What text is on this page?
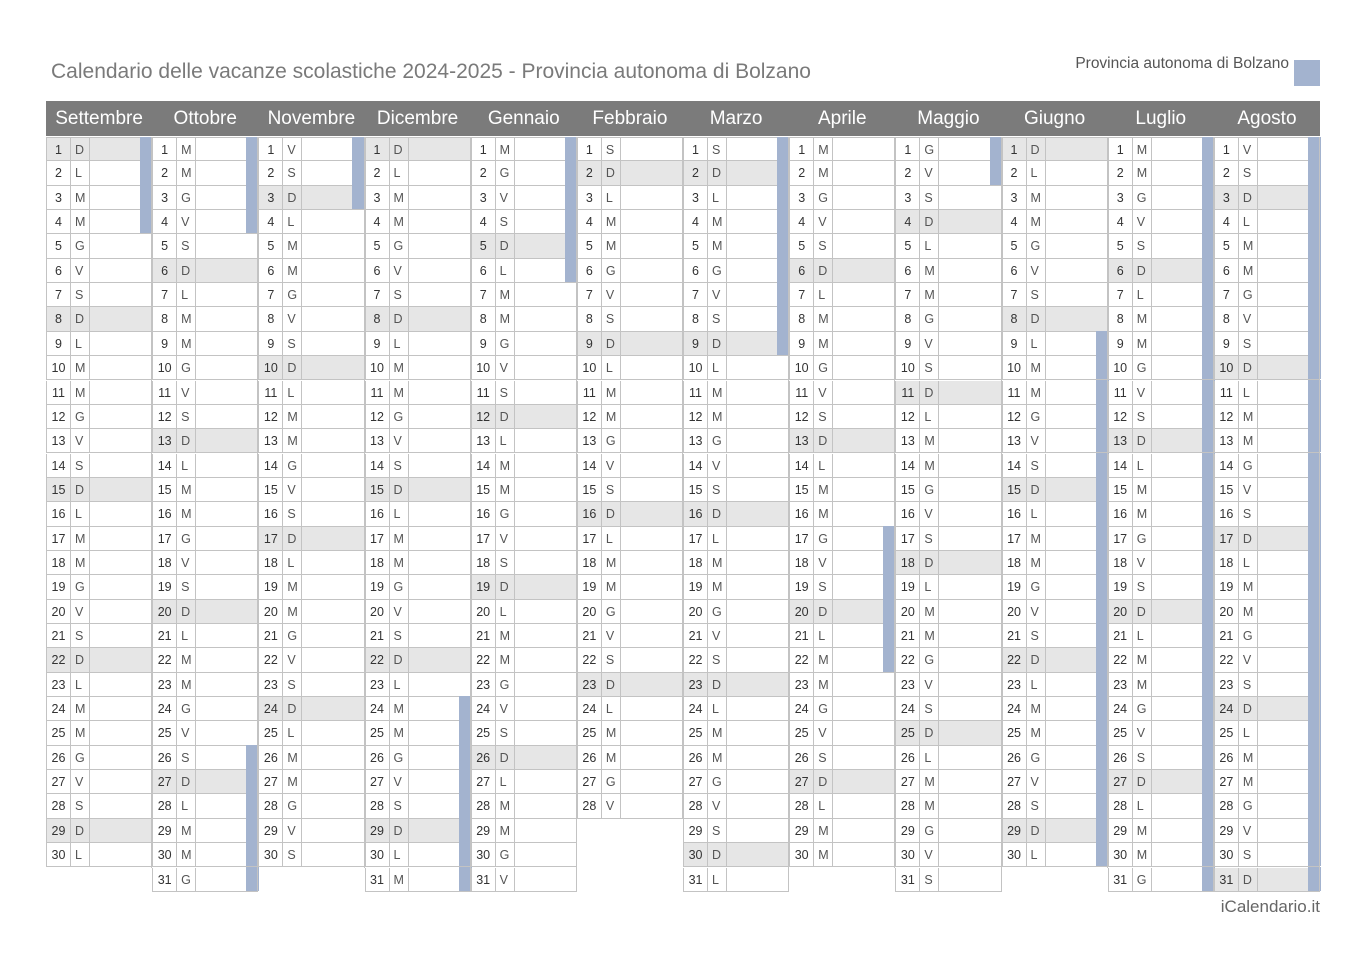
Calendario delle vacanze scolastiche 2024-2025 - Provincia autonoma di Bolzano	Provincia autonoma di Bolzano
Settembre	Ottobre	Novembre	Dicembre	Gennaio	Febbraio	Marzo	Aprile	Maggio	Giugno	Luglio	Agosto
1	D
2	L
3	M
4	M
5	G
6	V
7	S
8	D
9	L
10 M
11 M
12 G
13 V
14 S
15 D
16 L
17 M
18 M
19 G
20 V
21 S
22 D
23 L
24 M
25 M
26 G
27 V
28 S
29 D
30 L
1	M
2	M
3	G
4	V
5	S
6	D
7	L
8	M
9	M
10 G
11 V
12 S
13 D
14 L
15 M
16 M
17 G
18 V
19 S
20 D
21 L
22 M
23 M
24 G
25 V
26 S
27 D
28 L
29 M
30 M
31 G
1	V
2	S
3	D
4	L
5	M
6	M
7	G
8	V
9	S
10 D
11 L
12 M
13 M
14 G
15 V
16 S
17 D
18 L
19 M
20 M
21 G
22 V
23 S
24 D
25 L
26 M
27 M
28 G
29 V
30 S
1	D
2	L
3	M
4	M
5	G
6	V
7	S
8	D
9	L
10 M
11 M
12 G
13 V
14 S
15 D
16 L
17 M
18 M
19 G
20 V
21 S
22 D
23 L
24 M
25 M
26 G
27 V
28 S
29 D
30 L
31 M
1	M
2	G
3	V
4	S
5	D
6	L
7	M
8	M
9	G
10 V
11 S
12 D
13 L
14 M
15 M
16 G
17 V
18 S
19 D
20 L
21 M
22 M
23 G
24 V
25 S
26 D
27 L
28 M
29 M
30 G
31 V
1	S
2	D
3	L
4	M
5	M
6	G
7	V
8	S
9	D
10 L
11 M
12 M
13 G
14 V
15 S
16 D
17 L
18 M
19 M
20 G
21 V
22 S
23 D
24 L
25 M
26 M
27 G
28 V
1	S
2	D
3	L
4	M
5	M
6	G
7	V
8	S
9	D
10 L
11 M
12 M
13 G
14 V
15 S
16 D
17 L
18 M
19 M
20 G
21 V
22 S
23 D
24 L
25 M
26 M
27 G
28 V
29 S
30 D
31 L
1	M
2	M
3	G
4	V
5	S
6	D
7	L
8	M
9	M
10 G
11 V
12 S
13 D
14 L
15 M
16 M
17 G
18 V
19 S
20 D
21 L
22 M
23 M
24 G
25 V
26 S
27 D
28 L
29 M
30 M
1	G
2	V
3	S
4	D
5	L
6	M
7	M
8	G
9	V
10 S
11 D
12 L
13 M
14 M
15 G
16 V
17 S
18 D
19 L
20 M
21 M
22 G
23 V
24 S
25 D
26 L
27 M
28 M
29 G
30 V
31 S
1	D
2	L
3	M
4	M
5	G
6	V
7	S
8	D
9	L
10 M
11 M
12 G
13 V
14 S
15 D
16 L
17 M
18 M
19 G
20 V
21 S
22 D
23 L
24 M
25 M
26 G
27 V
28 S
29 D
30 L
1	M
2	M
3	G
4	V
5	S
6	D
7	L
8	M
9	M
10 G
11 V
12 S
13 D
14 L
15 M
16 M
17 G
18 V
19 S
20 D
21 L
22 M
23 M
24 G
25 V
26 S
27 D
28 L
29 M
30 M
31 G
1	V
2	S
3	D
4	L
5	M
6	M
7	G
8	V
9	S
10 D
11 L
12 M
13 M
14 G
15 V
16 S
17 D
18 L
19 M
20 M
21 G
22 V
23 S
24 D
25 L
26 M
27 M
28 G
29 V
30 S
31 D
iCalendario.it
